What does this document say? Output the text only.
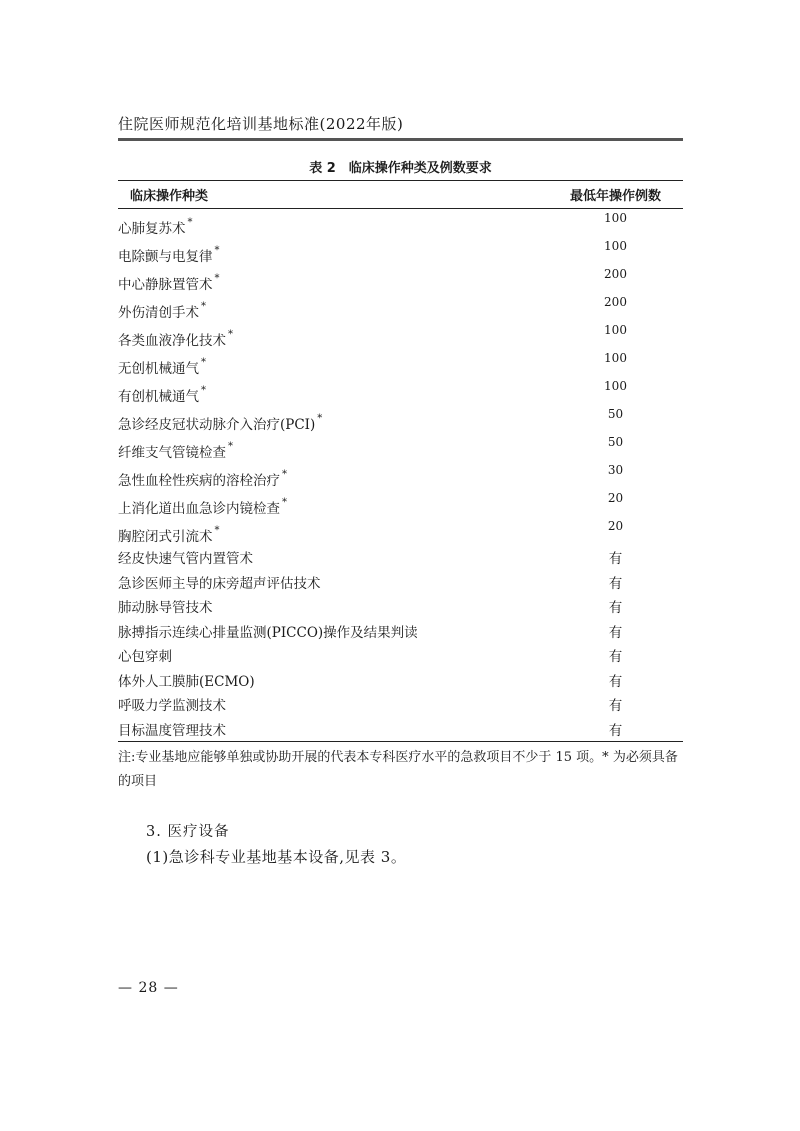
住院医师规范化培训基地标准(2022年版)
表 2　临床操作种类及例数要求
临床操作种类	最低年操作例数
心肺复苏术 *	100
电除颤与电复律 *	100
中心静脉置管术 *	200
外伤清创手术 *	200
各类血液净化技术 *	100
无创机械通气 *	100
有创机械通气 *	100
急诊经皮冠状动脉介入治疗(PCI) *	50
纤维支气管镜检查 *	50
急性血栓性疾病的溶栓治疗 *	30
上消化道出血急诊内镜检查 *	20
胸腔闭式引流术 *	20
经皮快速气管内置管术	有
急诊医师主导的床旁超声评估技术	有
肺动脉导管技术	有
脉搏指示连续心排量监测(PICCO)操作及结果判读	有
心包穿刺	有
体外人工膜肺(ECMO)	有
呼吸力学监测技术	有
目标温度管理技术	有
注:专业基地应能够单独或协助开展的代表本专科医疗水平的急救项目不少于 15 项。* 为必须具备的项目
3. 医疗设备
(1)急诊科专业基地基本设备,见表 3。
— 28 —
